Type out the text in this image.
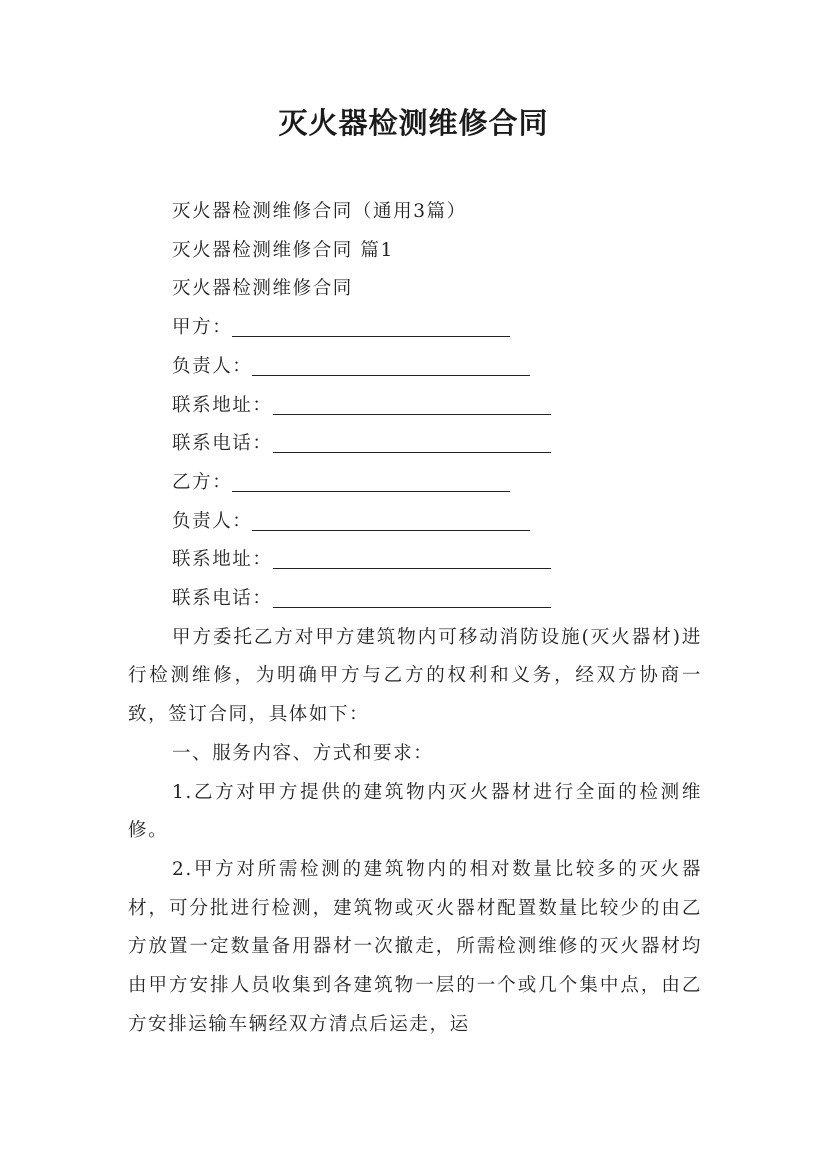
灭火器检测维修合同
灭火器检测维修合同（通用3篇）
灭火器检测维修合同 篇1
灭火器检测维修合同
甲方：
负责人：
联系地址：
联系电话：
乙方：
负责人：
联系地址：
联系电话：
甲方委托乙方对甲方建筑物内可移动消防设施(灭火器材)进行检测维修，为明确甲方与乙方的权利和义务，经双方协商一致，签订合同，具体如下：
一、服务内容、方式和要求：
1.乙方对甲方提供的建筑物内灭火器材进行全面的检测维修。
2.甲方对所需检测的建筑物内的相对数量比较多的灭火器材，可分批进行检测，建筑物或灭火器材配置数量比较少的由乙方放置一定数量备用器材一次撤走，所需检测维修的灭火器材均由甲方安排人员收集到各建筑物一层的一个或几个集中点，由乙方安排运输车辆经双方清点后运走，运
